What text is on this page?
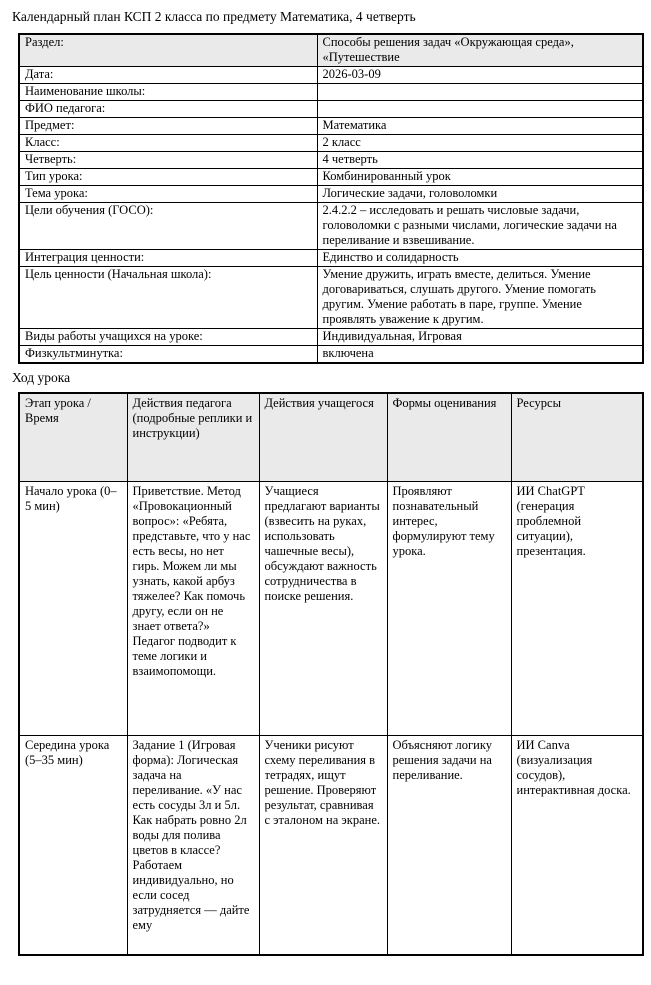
Календарный план КСП 2 класса по предмету Математика, 4 четверть
Раздел:	Способы решения задач «Окружающая среда», «Путешествие
Дата:	2026-03-09
Наименование школы:	
ФИО педагога:	
Предмет:	Математика
Класс:	2 класс
Четверть:	4 четверть
Тип урока:	Комбинированный урок
Тема урока:	Логические задачи, головоломки
Цели обучения (ГОСО):	2.4.2.2 – исследовать и решать числовые задачи, головоломки с разными числами, логические задачи на переливание и взвешивание.
Интеграция ценности:	Единство и солидарность
Цель ценности (Начальная школа):	Умение дружить, играть вместе, делиться. Умение договариваться, слушать другого. Умение помогать другим. Умение работать в паре, группе. Умение проявлять уважение к другим.
Виды работы учащихся на уроке:	Индивидуальная, Игровая
Физкультминутка:	включена
Ход урока
Этап урока / Время	Действия педагога (подробные реплики и инструкции)	Действия учащегося	Формы оценивания	Ресурсы
Начало урока (0–5 мин)	Приветствие. Метод «Провокационный вопрос»: «Ребята, представьте, что у нас есть весы, но нет гирь. Можем ли мы узнать, какой арбуз тяжелее? Как помочь другу, если он не знает ответа?» Педагог подводит к теме логики и взаимопомощи.	Учащиеся предлагают варианты (взвесить на руках, использовать чашечные весы), обсуждают важность сотрудничества в поиске решения.	Проявляют познавательный интерес, формулируют тему урока.	ИИ ChatGPT (генерация проблемной ситуации), презентация.

Середина урока (5–35 мин)	Задание 1 (Игровая форма): Логическая задача на переливание. «У нас есть сосуды 3л и 5л. Как набрать ровно 2л воды для полива цветов в классе? Работаем индивидуально, но если сосед затрудняется — дайте ему	Ученики рисуют схему переливания в тетрадях, ищут решение. Проверяют результат, сравнивая с эталоном на экране.	Объясняют логику решения задачи на переливание.	ИИ Canva (визуализация сосудов), интерактивная доска.
